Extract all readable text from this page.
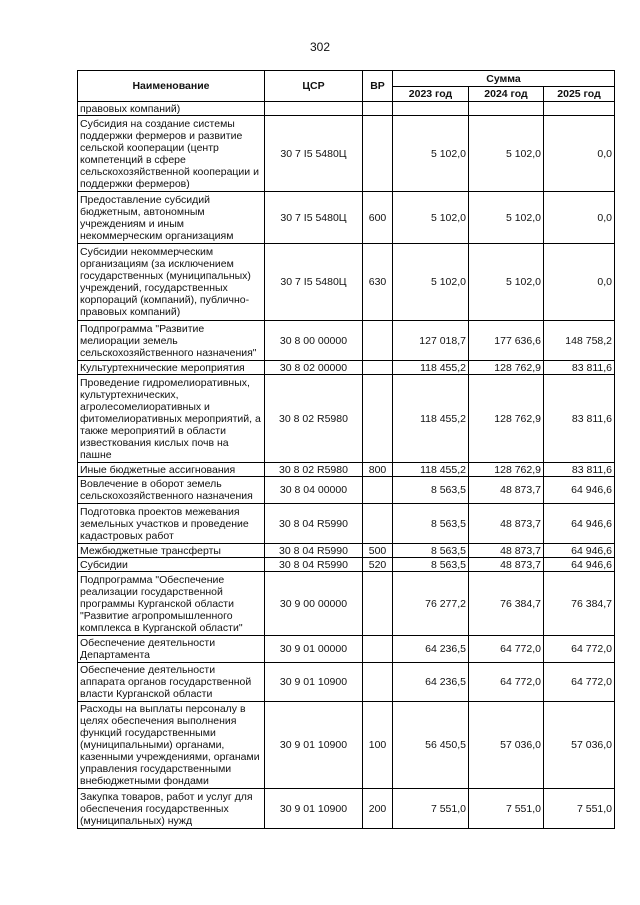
302
Наименование	ЦСР	ВР	Сумма		
			2023 год	2024 год	2025 год
правовых компаний)					
Субсидия на создание системы поддержки фермеров и развитие сельской кооперации (центр компетенций в сфере сельскохозяйственной кооперации и поддержки фермеров)	30 7 I5 5480Ц		5 102,0	5 102,0	0,0
Предоставление субсидий бюджетным, автономным учреждениям и иным некоммерческим организациям	30 7 I5 5480Ц	600	5 102,0	5 102,0	0,0
Субсидии некоммерческим организациям (за исключением государственных (муниципальных) учреждений, государственных корпораций (компаний), публично-правовых компаний)	30 7 I5 5480Ц	630	5 102,0	5 102,0	0,0
Подпрограмма "Развитие мелиорации земель сельскохозяйственного назначения"	30 8 00 00000		127 018,7	177 636,6	148 758,2
Культуртехнические мероприятия	30 8 02 00000		118 455,2	128 762,9	83 811,6
Проведение гидромелиоративных, культуртехнических, агролесомелиоративных и фитомелиоративных мероприятий, а также мероприятий в области известкования кислых почв на пашне	30 8 02 R5980		118 455,2	128 762,9	83 811,6
Иные бюджетные ассигнования	30 8 02 R5980	800	118 455,2	128 762,9	83 811,6
Вовлечение в оборот земель сельскохозяйственного назначения	30 8 04 00000		8 563,5	48 873,7	64 946,6
Подготовка проектов межевания земельных участков и проведение кадастровых работ	30 8 04 R5990		8 563,5	48 873,7	64 946,6
Межбюджетные трансферты	30 8 04 R5990	500	8 563,5	48 873,7	64 946,6
Субсидии	30 8 04 R5990	520	8 563,5	48 873,7	64 946,6
Подпрограмма "Обеспечение реализации государственной программы Курганской области "Развитие агропромышленного комплекса в Курганской области"	30 9 00 00000		76 277,2	76 384,7	76 384,7
Обеспечение деятельности Департамента	30 9 01 00000		64 236,5	64 772,0	64 772,0
Обеспечение деятельности аппарата органов государственной власти Курганской области	30 9 01 10900		64 236,5	64 772,0	64 772,0
Расходы на выплаты персоналу в целях обеспечения выполнения функций государственными (муниципальными) органами, казенными учреждениями, органами управления государственными внебюджетными фондами	30 9 01 10900	100	56 450,5	57 036,0	57 036,0
Закупка товаров, работ и услуг для обеспечения государственных (муниципальных) нужд	30 9 01 10900	200	7 551,0	7 551,0	7 551,0
